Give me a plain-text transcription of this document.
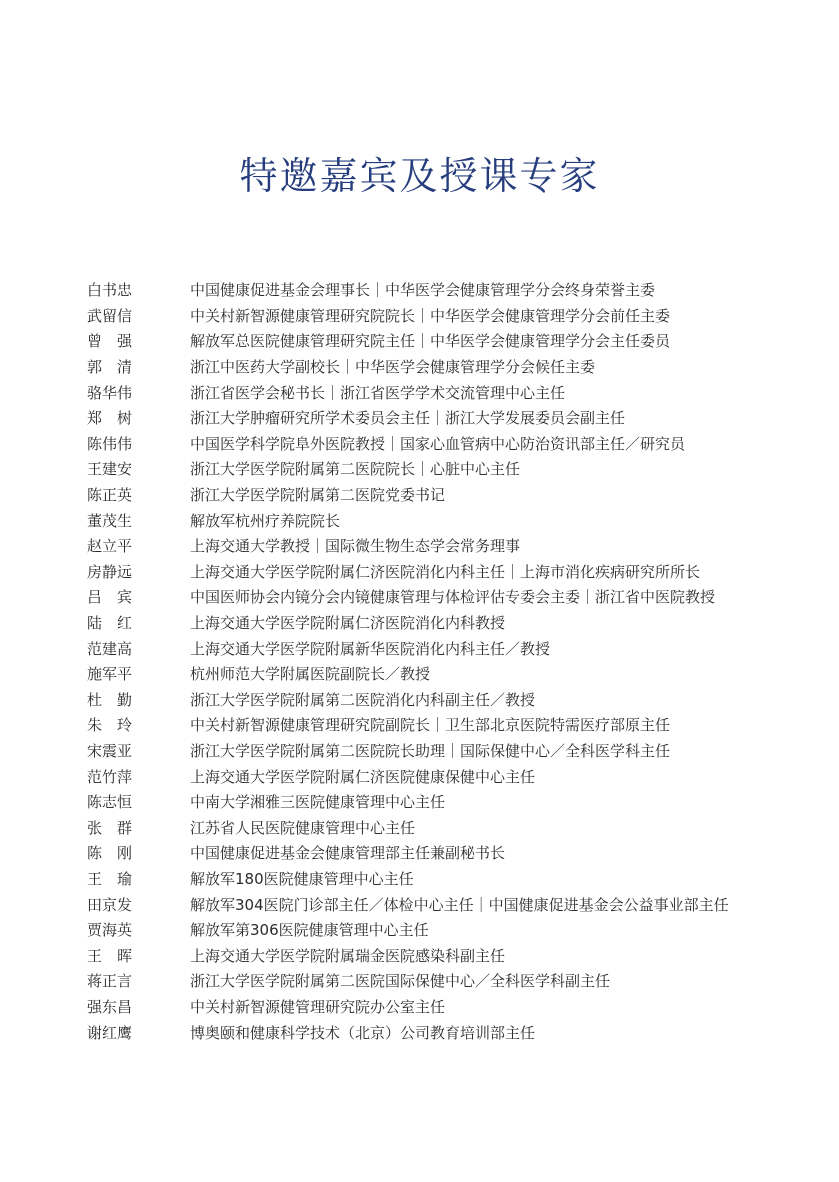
特邀嘉宾及授课专家
白书忠	中国健康促进基金会理事长｜中华医学会健康管理学分会终身荣誉主委
武留信	中关村新智源健康管理研究院院长｜中华医学会健康管理学分会前任主委
曾　强	解放军总医院健康管理研究院主任｜中华医学会健康管理学分会主任委员
郭　清	浙江中医药大学副校长｜中华医学会健康管理学分会候任主委
骆华伟	浙江省医学会秘书长｜浙江省医学学术交流管理中心主任
郑　树	浙江大学肿瘤研究所学术委员会主任｜浙江大学发展委员会副主任
陈伟伟	中国医学科学院阜外医院教授｜国家心血管病中心防治资讯部主任／研究员
王建安	浙江大学医学院附属第二医院院长｜心脏中心主任
陈正英	浙江大学医学院附属第二医院党委书记
董茂生	解放军杭州疗养院院长
赵立平	上海交通大学教授｜国际微生物生态学会常务理事
房静远	上海交通大学医学院附属仁济医院消化内科主任｜上海市消化疾病研究所所长
吕　宾	中国医师协会内镜分会内镜健康管理与体检评估专委会主委｜浙江省中医院教授
陆　红	上海交通大学医学院附属仁济医院消化内科教授
范建高	上海交通大学医学院附属新华医院消化内科主任／教授
施军平	杭州师范大学附属医院副院长／教授
杜　勤	浙江大学医学院附属第二医院消化内科副主任／教授
朱　玲	中关村新智源健康管理研究院副院长｜卫生部北京医院特需医疗部原主任
宋震亚	浙江大学医学院附属第二医院院长助理｜国际保健中心／全科医学科主任
范竹萍	上海交通大学医学院附属仁济医院健康保健中心主任
陈志恒	中南大学湘雅三医院健康管理中心主任
张　群	江苏省人民医院健康管理中心主任
陈　刚	中国健康促进基金会健康管理部主任兼副秘书长
王　瑜	解放军180医院健康管理中心主任
田京发	解放军304医院门诊部主任／体检中心主任｜中国健康促进基金会公益事业部主任
贾海英	解放军第306医院健康管理中心主任
王　晖	上海交通大学医学院附属瑞金医院感染科副主任
蒋正言	浙江大学医学院附属第二医院国际保健中心／全科医学科副主任
强东昌	中关村新智源健管理研究院办公室主任
谢红鹰	博奥颐和健康科学技术（北京）公司教育培训部主任
